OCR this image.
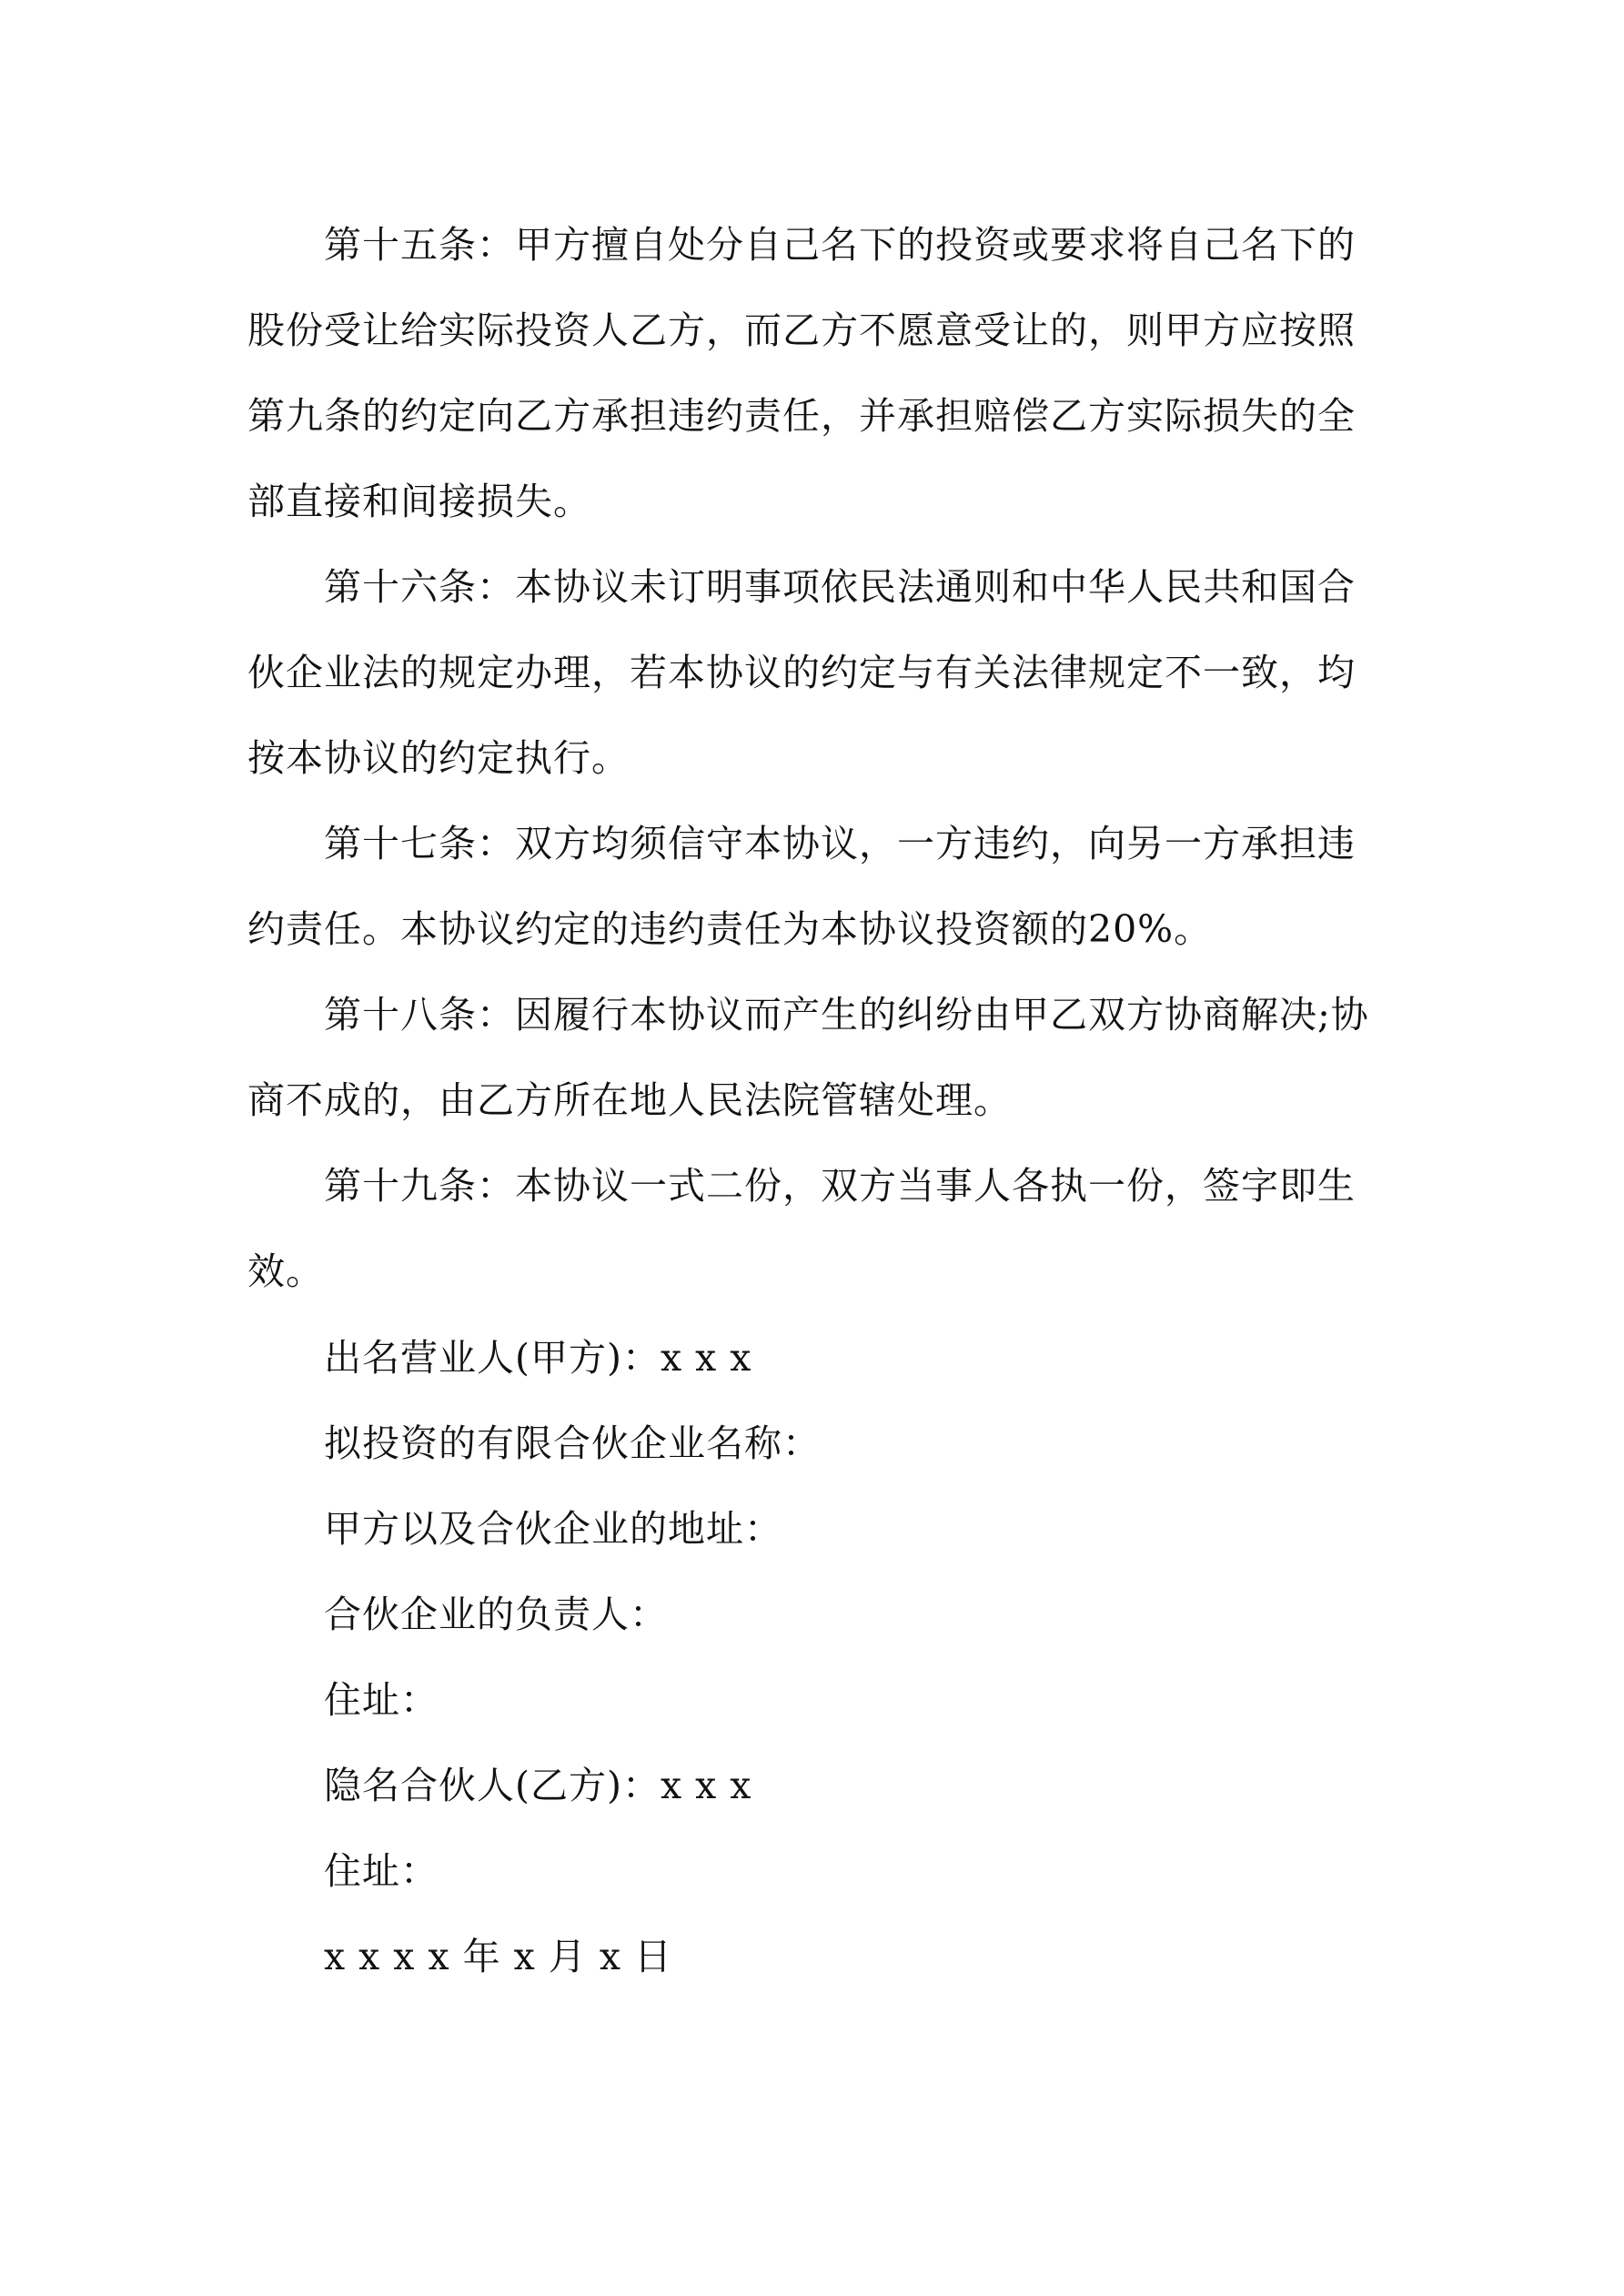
第十五条：甲方擅自处分自己名下的投资或要求将自己名下的股份受让给实际投资人乙方，而乙方不愿意受让的，则甲方应按照第九条的约定向乙方承担违约责任，并承担赔偿乙方实际损失的全部直接和间接损失。

第十六条：本协议未订明事项依民法通则和中华人民共和国合伙企业法的规定办理，若本协议的约定与有关法律规定不一致，均按本协议的约定执行。

第十七条：双方均须信守本协议，一方违约，向另一方承担违约责任。本协议约定的违约责任为本协议投资额的20%。

第十八条：因履行本协议而产生的纠纷由甲乙双方协商解决;协商不成的，由乙方所在地人民法院管辖处理。

第十九条：本协议一式二份，双方当事人各执一份，签字即生效。

出名营业人(甲方)：x x x
拟投资的有限合伙企业名称：
甲方以及合伙企业的地址：
合伙企业的负责人：
住址：
隐名合伙人(乙方)：x x x
住址：
x x x x 年 x 月 x 日
